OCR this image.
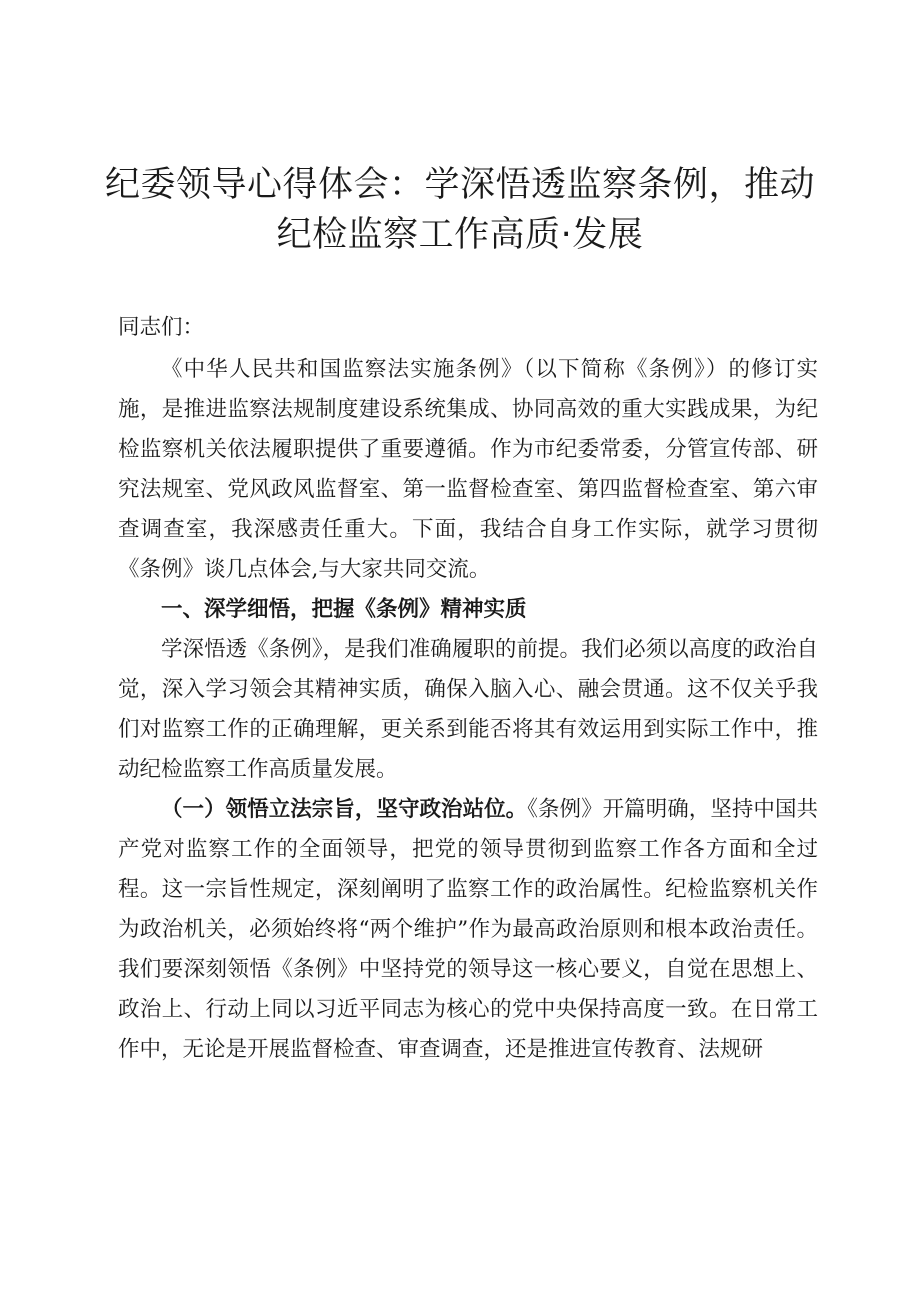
纪委领导心得体会：学深悟透监察条例，推动
纪检监察工作高质·发展

同志们：

《中华人民共和国监察法实施条例》（以下简称《条例》）的修订实施，是推进监察法规制度建设系统集成、协同高效的重大实践成果，为纪检监察机关依法履职提供了重要遵循。作为市纪委常委，分管宣传部、研究法规室、党风政风监督室、第一监督检查室、第四监督检查室、第六审查调查室，我深感责任重大。下面，我结合自身工作实际，就学习贯彻《条例》谈几点体会,与大家共同交流。

一、深学细悟，把握《条例》精神实质

学深悟透《条例》，是我们准确履职的前提。我们必须以高度的政治自觉，深入学习领会其精神实质，确保入脑入心、融会贯通。这不仅关乎我们对监察工作的正确理解，更关系到能否将其有效运用到实际工作中，推动纪检监察工作高质量发展。

（一）领悟立法宗旨，坚守政治站位。《条例》开篇明确，坚持中国共产党对监察工作的全面领导，把党的领导贯彻到监察工作各方面和全过程。这一宗旨性规定，深刻阐明了监察工作的政治属性。纪检监察机关作为政治机关，必须始终将“两个维护”作为最高政治原则和根本政治责任。我们要深刻领悟《条例》中坚持党的领导这一核心要义，自觉在思想上、政治上、行动上同以习近平同志为核心的党中央保持高度一致。在日常工作中，无论是开展监督检查、审查调查，还是推进宣传教育、法规研
